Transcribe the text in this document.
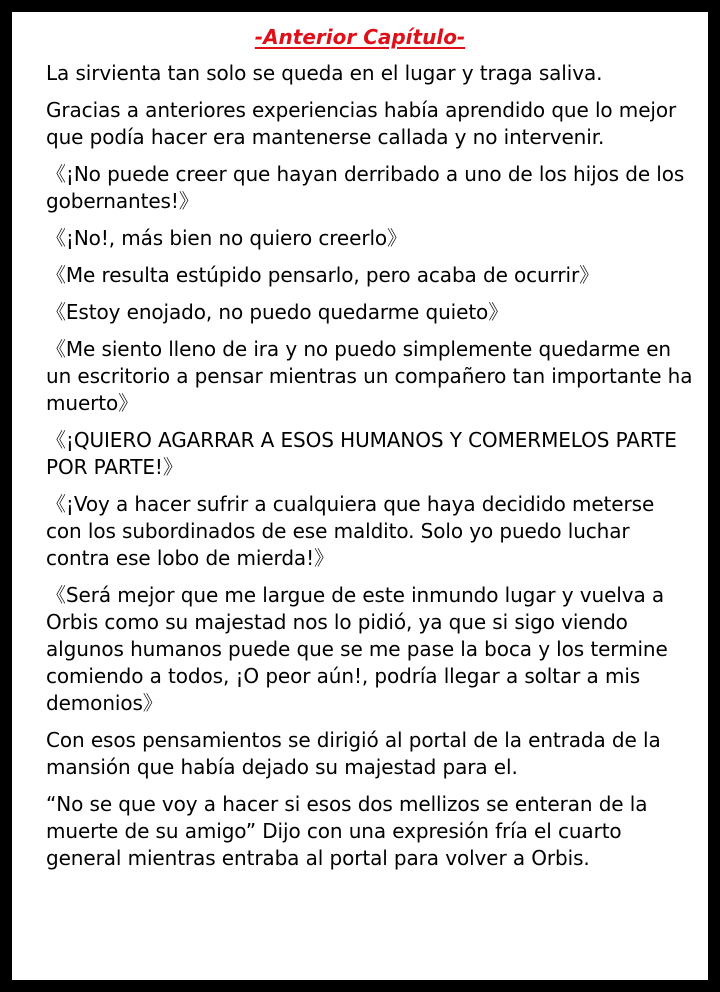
-Anterior Capítulo-

La sirvienta tan solo se queda en el lugar y traga saliva.

Gracias a anteriores experiencias había aprendido que lo mejor que podía hacer era mantenerse callada y no intervenir.

《¡No puede creer que hayan derribado a uno de los hijos de los gobernantes!》

《¡No!, más bien no quiero creerlo》

《Me resulta estúpido pensarlo, pero acaba de ocurrir》

《Estoy enojado, no puedo quedarme quieto》

《Me siento lleno de ira y no puedo simplemente quedarme en un escritorio a pensar mientras un compañero tan importante ha muerto》

《¡QUIERO AGARRAR A ESOS HUMANOS Y COMERMELOS PARTE POR PARTE!》

《¡Voy a hacer sufrir a cualquiera que haya decidido meterse con los subordinados de ese maldito. Solo yo puedo luchar contra ese lobo de mierda!》

《Será mejor que me largue de este inmundo lugar y vuelva a Orbis como su majestad nos lo pidió, ya que si sigo viendo algunos humanos puede que se me pase la boca y los termine comiendo a todos, ¡O peor aún!, podría llegar a soltar a mis demonios》

Con esos pensamientos se dirigió al portal de la entrada de la mansión que había dejado su majestad para el.

“No se que voy a hacer si esos dos mellizos se enteran de la muerte de su amigo” Dijo con una expresión fría el cuarto general mientras entraba al portal para volver a Orbis.
